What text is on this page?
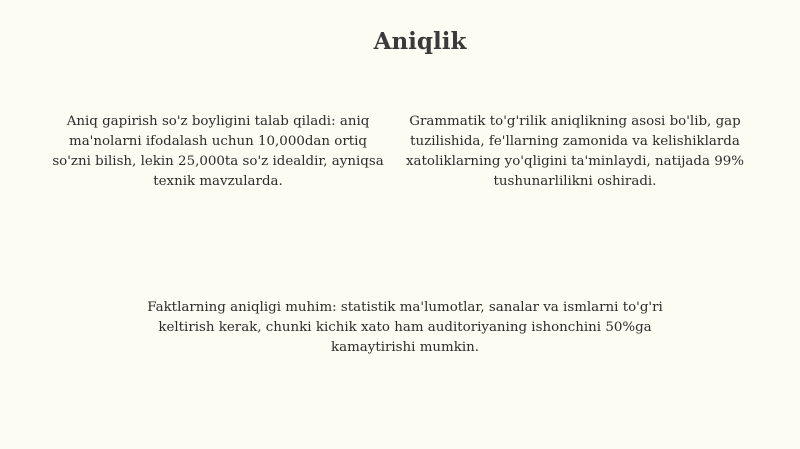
Aniqlik

Aniq gapirish so'z boyligini talab qiladi: aniq ma'nolarni ifodalash uchun 10,000dan ortiq so'zni bilish, lekin 25,000ta so'z idealdir, ayniqsa texnik mavzularda.

Grammatik to'g'rilik aniqlikning asosi bo'lib, gap tuzilishida, fe'llarning zamonida va kelishiklarda xatoliklarning yo'qligini ta'minlaydi, natijada 99% tushunarlilikni oshiradi.

Faktlarning aniqligi muhim: statistik ma'lumotlar, sanalar va ismlarni to'g'ri keltirish kerak, chunki kichik xato ham auditoriyaning ishonchini 50%ga kamaytirishi mumkin.
